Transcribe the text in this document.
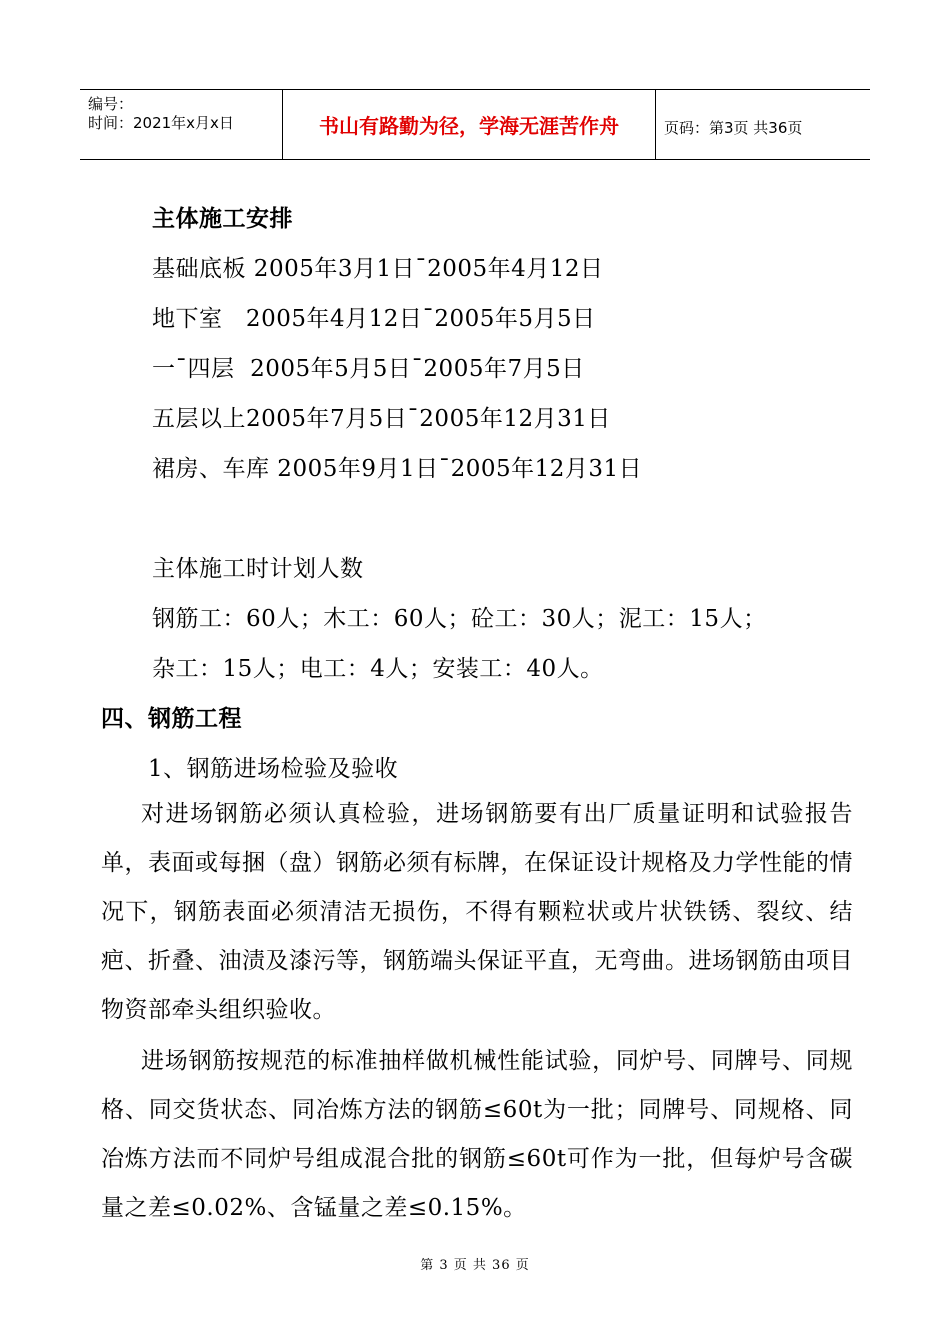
编号：
时间：2021年x月x日	书山有路勤为径，学海无涯苦作舟	页码：第3页 共36页
主体施工安排
基础底板 2005年3月1日¯2005年4月12日
地下室   2005年4月12日¯2005年5月5日
一¯四层  2005年5月5日¯2005年7月5日
五层以上2005年7月5日¯2005年12月31日
裙房、车库 2005年9月1日¯2005年12月31日
主体施工时计划人数
钢筋工：60人；木工：60人；砼工：30人；泥工：15人；
杂工：15人；电工：4人；安装工：40人。
四、钢筋工程
1、钢筋进场检验及验收
对进场钢筋必须认真检验，进场钢筋要有出厂质量证明和试验报告单，表面或每捆（盘）钢筋必须有标牌，在保证设计规格及力学性能的情况下，钢筋表面必须清洁无损伤，不得有颗粒状或片状铁锈、裂纹、结疤、折叠、油渍及漆污等，钢筋端头保证平直，无弯曲。进场钢筋由项目物资部牵头组织验收。
进场钢筋按规范的标准抽样做机械性能试验，同炉号、同牌号、同规格、同交货状态、同冶炼方法的钢筋≤60t为一批；同牌号、同规格、同冶炼方法而不同炉号组成混合批的钢筋≤60t可作为一批，但每炉号含碳量之差≤0.02%、含锰量之差≤0.15%。
第 3 页 共 36 页
